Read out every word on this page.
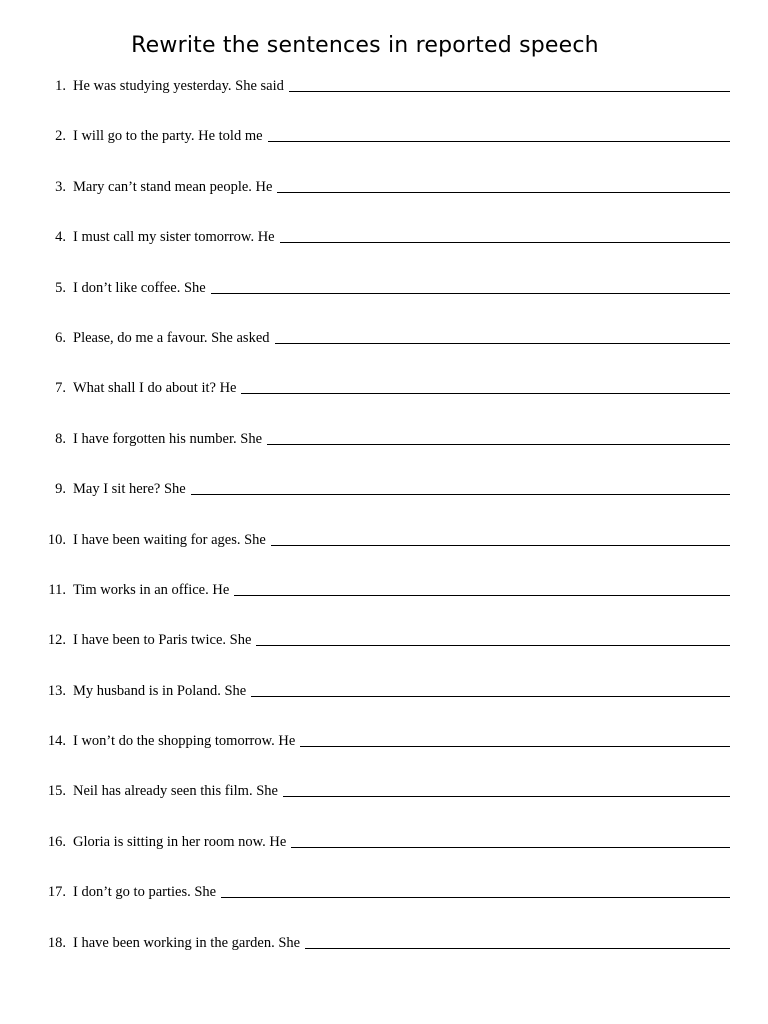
Rewrite the sentences in reported speech
1. He was studying yesterday. She said
2. I will go to the party. He told me
3. Mary can’t stand mean people. He
4. I must call my sister tomorrow. He
5. I don’t like coffee. She
6. Please, do me a favour. She asked
7. What shall I do about it? He
8. I have forgotten his number. She
9. May I sit here? She
10. I have been waiting for ages. She
11. Tim works in an office. He
12. I have been to Paris twice. She
13. My husband is in Poland. She
14. I won’t do the shopping tomorrow. He
15. Neil has already seen this film. She
16. Gloria is sitting in her room now. He
17. I don’t go to parties. She
18. I have been working in the garden. She
